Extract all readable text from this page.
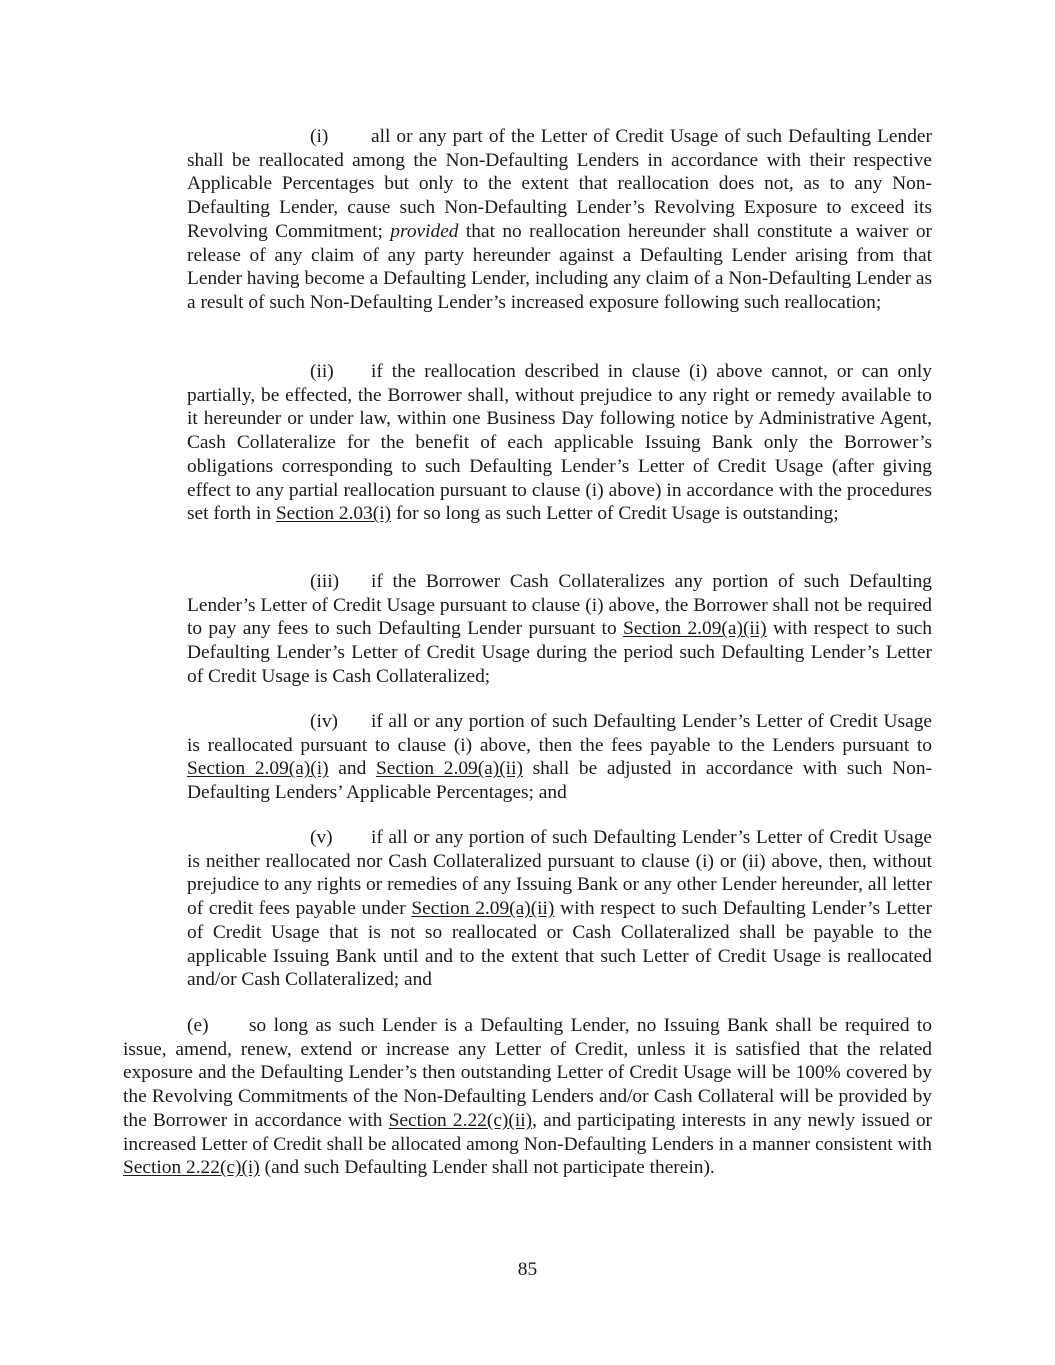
(i) all or any part of the Letter of Credit Usage of such Defaulting Lender shall be reallocated among the Non-Defaulting Lenders in accordance with their respective Applicable Percentages but only to the extent that reallocation does not, as to any Non-Defaulting Lender, cause such Non-Defaulting Lender’s Revolving Exposure to exceed its Revolving Commitment; provided that no reallocation hereunder shall constitute a waiver or release of any claim of any party hereunder against a Defaulting Lender arising from that Lender having become a Defaulting Lender, including any claim of a Non-Defaulting Lender as a result of such Non-Defaulting Lender’s increased exposure following such reallocation;

(ii) if the reallocation described in clause (i) above cannot, or can only partially, be effected, the Borrower shall, without prejudice to any right or remedy available to it hereunder or under law, within one Business Day following notice by Administrative Agent, Cash Collateralize for the benefit of each applicable Issuing Bank only the Borrower’s obligations corresponding to such Defaulting Lender’s Letter of Credit Usage (after giving effect to any partial reallocation pursuant to clause (i) above) in accordance with the procedures set forth in Section 2.03(i) for so long as such Letter of Credit Usage is outstanding;

(iii) if the Borrower Cash Collateralizes any portion of such Defaulting Lender’s Letter of Credit Usage pursuant to clause (i) above, the Borrower shall not be required to pay any fees to such Defaulting Lender pursuant to Section 2.09(a)(ii) with respect to such Defaulting Lender’s Letter of Credit Usage during the period such Defaulting Lender’s Letter of Credit Usage is Cash Collateralized;

(iv) if all or any portion of such Defaulting Lender’s Letter of Credit Usage is reallocated pursuant to clause (i) above, then the fees payable to the Lenders pursuant to Section 2.09(a)(i) and Section 2.09(a)(ii) shall be adjusted in accordance with such Non-Defaulting Lenders’ Applicable Percentages; and

(v) if all or any portion of such Defaulting Lender’s Letter of Credit Usage is neither reallocated nor Cash Collateralized pursuant to clause (i) or (ii) above, then, without prejudice to any rights or remedies of any Issuing Bank or any other Lender hereunder, all letter of credit fees payable under Section 2.09(a)(ii) with respect to such Defaulting Lender’s Letter of Credit Usage that is not so reallocated or Cash Collateralized shall be payable to the applicable Issuing Bank until and to the extent that such Letter of Credit Usage is reallocated and/or Cash Collateralized; and

(e) so long as such Lender is a Defaulting Lender, no Issuing Bank shall be required to issue, amend, renew, extend or increase any Letter of Credit, unless it is satisfied that the related exposure and the Defaulting Lender’s then outstanding Letter of Credit Usage will be 100% covered by the Revolving Commitments of the Non-Defaulting Lenders and/or Cash Collateral will be provided by the Borrower in accordance with Section 2.22(c)(ii), and participating interests in any newly issued or increased Letter of Credit shall be allocated among Non-Defaulting Lenders in a manner consistent with Section 2.22(c)(i) (and such Defaulting Lender shall not participate therein).

85
